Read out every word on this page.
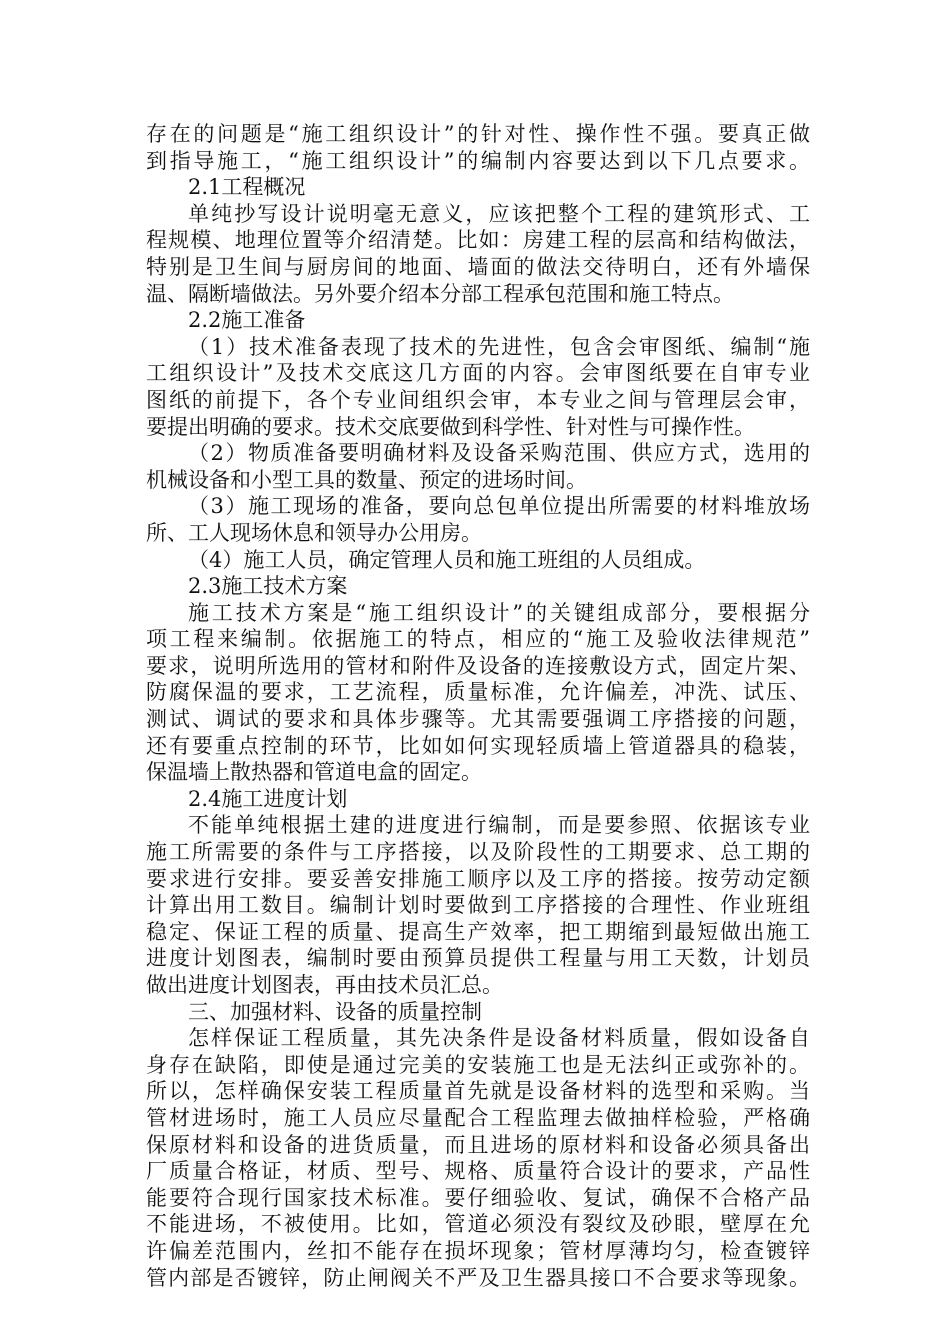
存在的问题是“施工组织设计”的针对性、操作性不强。要真正做
到指导施工，“施工组织设计”的编制内容要达到以下几点要求。
2.1工程概况
单纯抄写设计说明毫无意义，应该把整个工程的建筑形式、工
程规模、地理位置等介绍清楚。比如：房建工程的层高和结构做法，
特别是卫生间与厨房间的地面、墙面的做法交待明白，还有外墙保
温、隔断墙做法。另外要介绍本分部工程承包范围和施工特点。
2.2施工准备
（1）技术准备表现了技术的先进性，包含会审图纸、编制“施
工组织设计”及技术交底这几方面的内容。会审图纸要在自审专业
图纸的前提下，各个专业间组织会审，本专业之间与管理层会审，
要提出明确的要求。技术交底要做到科学性、针对性与可操作性。
（2）物质准备要明确材料及设备采购范围、供应方式，选用的
机械设备和小型工具的数量、预定的进场时间。
（3）施工现场的准备，要向总包单位提出所需要的材料堆放场
所、工人现场休息和领导办公用房。
（4）施工人员，确定管理人员和施工班组的人员组成。
2.3施工技术方案
施工技术方案是“施工组织设计”的关键组成部分，要根据分
项工程来编制。依据施工的特点，相应的“施工及验收法律规范”
要求，说明所选用的管材和附件及设备的连接敷设方式，固定片架、
防腐保温的要求，工艺流程，质量标准，允许偏差，冲洗、试压、
测试、调试的要求和具体步骤等。尤其需要强调工序搭接的问题，
还有要重点控制的环节，比如如何实现轻质墙上管道器具的稳装，
保温墙上散热器和管道电盒的固定。
2.4施工进度计划
不能单纯根据土建的进度进行编制，而是要参照、依据该专业
施工所需要的条件与工序搭接，以及阶段性的工期要求、总工期的
要求进行安排。要妥善安排施工顺序以及工序的搭接。按劳动定额
计算出用工数目。编制计划时要做到工序搭接的合理性、作业班组
稳定、保证工程的质量、提高生产效率，把工期缩到最短做出施工
进度计划图表，编制时要由预算员提供工程量与用工天数，计划员
做出进度计划图表，再由技术员汇总。
三、加强材料、设备的质量控制
怎样保证工程质量，其先决条件是设备材料质量，假如设备自
身存在缺陷，即使是通过完美的安装施工也是无法纠正或弥补的。
所以，怎样确保安装工程质量首先就是设备材料的选型和采购。当
管材进场时，施工人员应尽量配合工程监理去做抽样检验，严格确
保原材料和设备的进货质量，而且进场的原材料和设备必须具备出
厂质量合格证，材质、型号、规格、质量符合设计的要求，产品性
能要符合现行国家技术标准。要仔细验收、复试，确保不合格产品
不能进场，不被使用。比如，管道必须没有裂纹及砂眼，壁厚在允
许偏差范围内，丝扣不能存在损坏现象；管材厚薄均匀，检查镀锌
管内部是否镀锌，防止闸阀关不严及卫生器具接口不合要求等现象。
